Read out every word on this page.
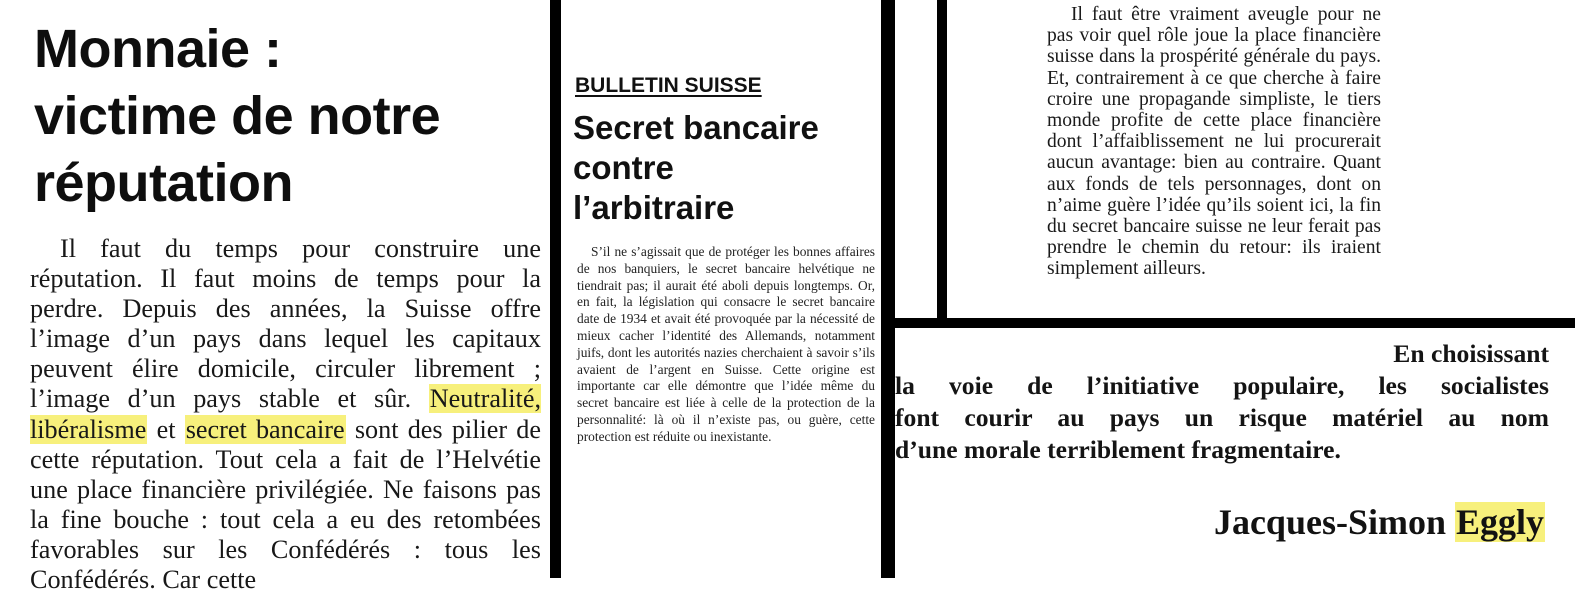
Monnaie :
victime de notre
réputation

Il faut du temps pour construire une réputation. Il faut moins de temps pour la perdre. Depuis des années, la Suisse offre l’image d’un pays dans lequel les capitaux peuvent élire domicile, circuler librement ; l’image d’un pays stable et sûr. Neutralité, libéralisme et secret bancaire sont des pilier de cette réputation. Tout cela a fait de l’Helvétie une place financière privilégiée. Ne faisons pas la fine bouche : tout cela a eu des retombées favorables sur les Confédérés : tous les Confédérés. Car cette

BULLETIN SUISSE

Secret bancaire
contre
l’arbitraire

S’il ne s’agissait que de protéger les bonnes affaires de nos banquiers, le secret bancaire helvétique ne tiendrait pas; il aurait été aboli depuis longtemps. Or, en fait, la législation qui consacre le secret bancaire date de 1934 et avait été provoquée par la nécessité de mieux cacher l’identité des Allemands, notamment juifs, dont les autorités nazies cherchaient à savoir s’ils avaient de l’argent en Suisse. Cette origine est importante car elle démontre que l’idée même du secret bancaire est liée à celle de la protection de la personnalité: là où il n’existe pas, ou guère, cette protection est réduite ou inexistante.

Il faut être vraiment aveugle pour ne pas voir quel rôle joue la place financière suisse dans la prospérité générale du pays. Et, contrairement à ce que cherche à faire croire une propagande simpliste, le tiers monde profite de cette place financière dont l’affaiblissement ne lui procurerait aucun avantage: bien au contraire. Quant aux fonds de tels personnages, dont on n’aime guère l’idée qu’ils soient ici, la fin du secret bancaire suisse ne leur ferait pas prendre le chemin du retour: ils iraient simplement ailleurs.

En choisissant
la voie de l’initiative populaire, les socialistes
font courir au pays un risque matériel au nom
d’une morale terriblement fragmentaire.

Jacques-Simon Eggly
